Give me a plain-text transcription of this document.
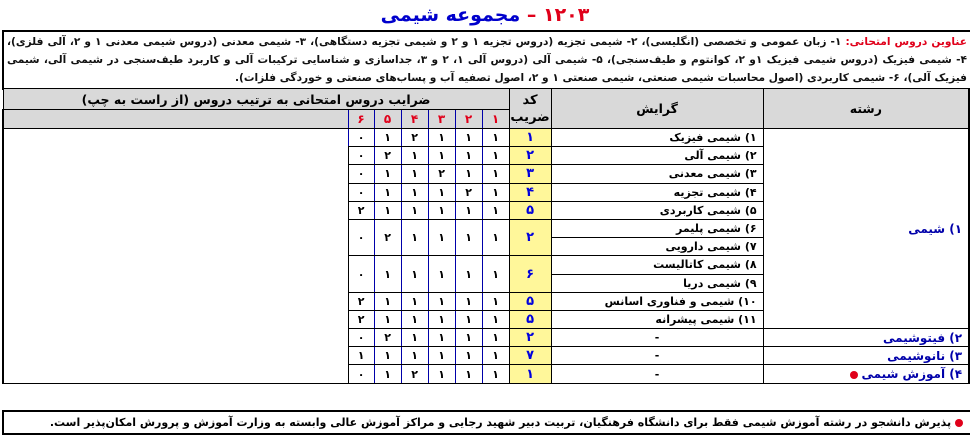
۱۲۰۳ – مجموعه شیمی
عناوین دروس امتحانی: ۱- زبان عمومی و تخصصی (انگلیسی)، ۲- شیمی تجزیه (دروس تجزیه ۱ و ۲ و شیمی تجزیه دستگاهی)، ۳- شیمی معدنی (دروس شیمی معدنی ۱ و ۲، آلی فلزی)، ۴- شیمی فیزیک (دروس شیمی فیزیک ۱و ۲، کوانتوم و طیف‌سنجی)، ۵- شیمی آلی (دروس آلی ۱، ۲ و ۳، جداسازی و شناسایی ترکیبات آلی و کاربرد طیف‌سنجی در شیمی آلی، شیمی فیزیک آلی)، ۶- شیمی کاربردی (اصول محاسبات شیمی صنعتی، شیمی صنعتی ۱ و ۲، اصول تصفیه آب و پساب‌های صنعتی و خوردگی فلزات).
رشته	گرایش	کد
ضریب	ضرایب دروس امتحانی به ترتیب دروس (از راست به چپ)						
			۱	۲	۳	۴	۵	۶	
۱) شیمی	۱) شیمی فیزیک	۱	۱	۱	۱	۲	۱	۰	
	۲) شیمی آلی	۲	۱	۱	۱	۱	۲	۰	
	۳) شیمی معدنی	۳	۱	۱	۲	۱	۱	۰	
	۴) شیمی تجزیه	۴	۱	۲	۱	۱	۱	۰	
	۵) شیمی کاربردی	۵	۱	۱	۱	۱	۱	۲	
	۶) شیمی پلیمر	۲	۱	۱	۱	۱	۲	۰	
	۷) شیمی دارویی								
	۸) شیمی کاتالیست	۶	۱	۱	۱	۱	۱	۰	
	۹) شیمی دریا								
	۱۰) شیمی و فناوری اسانس	۵	۱	۱	۱	۱	۱	۲	
	۱۱) شیمی پیشرانه	۵	۱	۱	۱	۱	۱	۲	
۲) فیتوشیمی	-	۲	۱	۱	۱	۱	۲	۰	
۳) نانوشیمی	-	۷	۱	۱	۱	۱	۱	۱	
۴) آموزش شیمی	-	۱	۱	۱	۱	۲	۱	۰	
پذیرش دانشجو در رشته آموزش شیمی فقط برای دانشگاه فرهنگیان، تربیت دبیر شهید رجایی و مراکز آموزش عالی وابسته به وزارت آموزش و پرورش امکان‌پذیر است.
